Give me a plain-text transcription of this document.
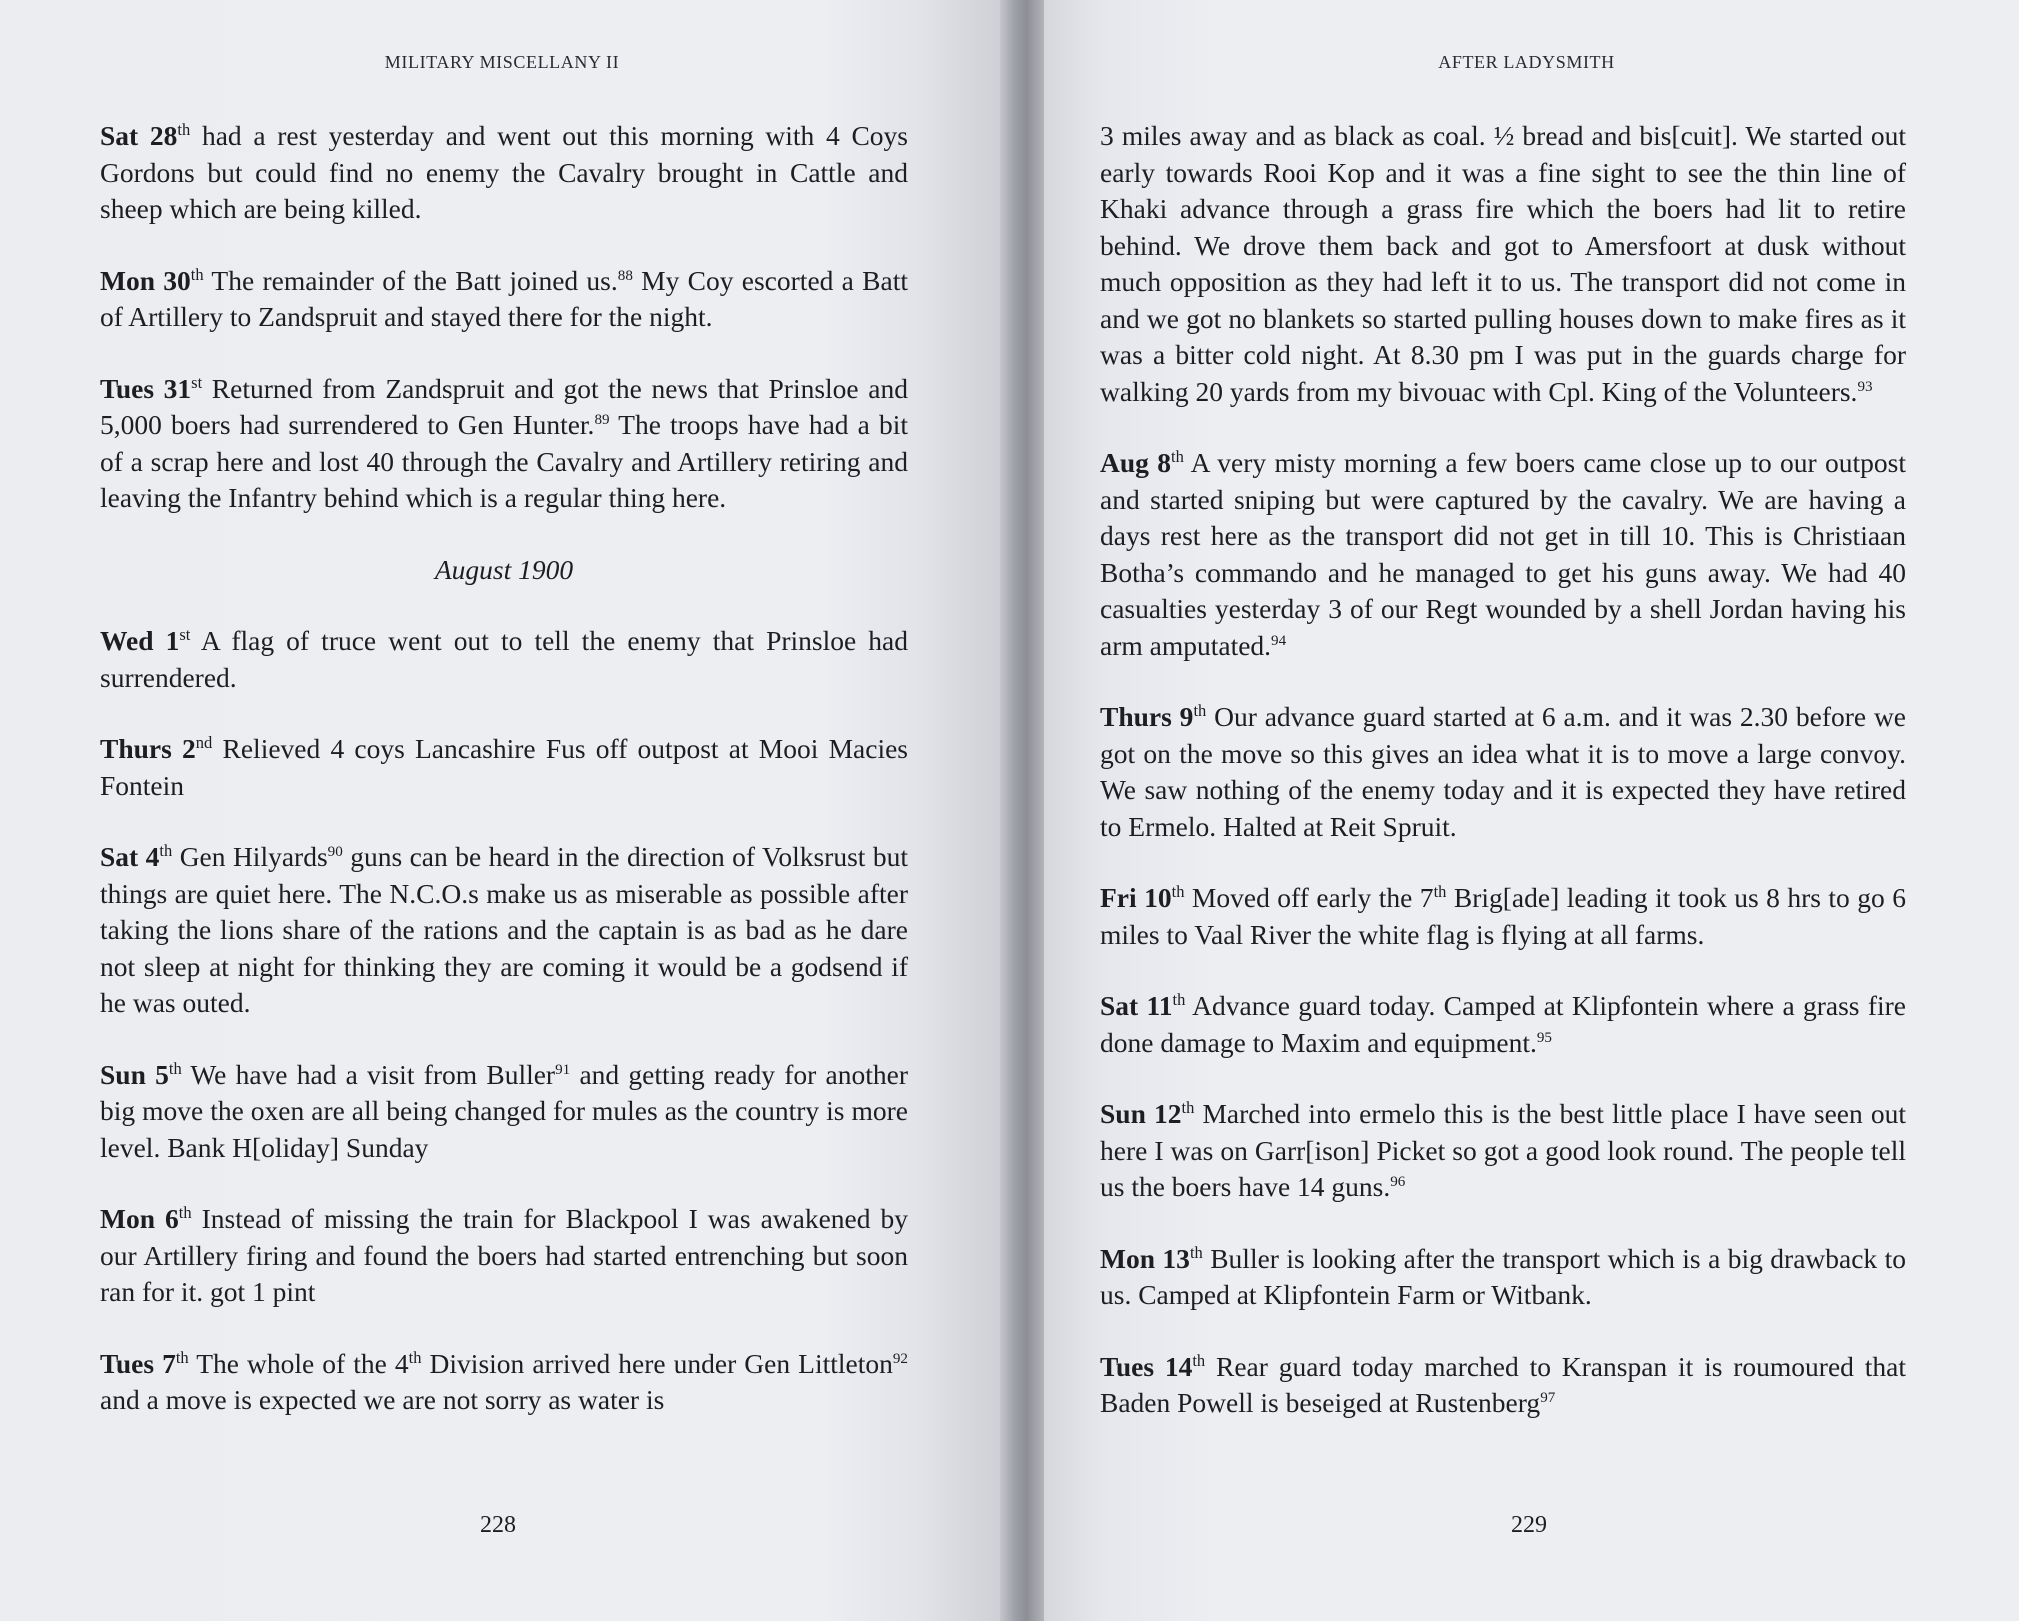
MILITARY MISCELLANY II

Sat 28th had a rest yesterday and went out this morning with 4 Coys Gordons but could find no enemy the Cavalry brought in Cattle and sheep which are being killed.

Mon 30th The remainder of the Batt joined us.$^{88}$ My Coy escorted a Batt of Artillery to Zandspruit and stayed there for the night.

Tues 31st Returned from Zandspruit and got the news that Prinsloe and 5,000 boers had surrendered to Gen Hunter.$^{89}$ The troops have had a bit of a scrap here and lost 40 through the Cavalry and Artillery retiring and leaving the Infantry behind which is a regular thing here.

August 1900

Wed 1st A flag of truce went out to tell the enemy that Prinsloe had surrendered.

Thurs 2nd Relieved 4 coys Lancashire Fus off outpost at Mooi Macies Fontein

Sat 4th Gen Hilyards$^{90}$ guns can be heard in the direction of Volksrust but things are quiet here. The N.C.O.s make us as miserable as possible after taking the lions share of the rations and the captain is as bad as he dare not sleep at night for thinking they are coming it would be a godsend if he was outed.

Sun 5th We have had a visit from Buller$^{91}$ and getting ready for another big move the oxen are all being changed for mules as the country is more level. Bank H[oliday] Sunday

Mon 6th Instead of missing the train for Blackpool I was awakened by our Artillery firing and found the boers had started entrenching but soon ran for it. got 1 pint

Tues 7th The whole of the 4th Division arrived here under Gen Littleton$^{92}$ and a move is expected we are not sorry as water is

228
AFTER LADYSMITH

3 miles away and as black as coal. ½ bread and bis[cuit]. We started out early towards Rooi Kop and it was a fine sight to see the thin line of Khaki advance through a grass fire which the boers had lit to retire behind. We drove them back and got to Amersfoort at dusk without much opposition as they had left it to us. The transport did not come in and we got no blankets so started pulling houses down to make fires as it was a bitter cold night. At 8.30 pm I was put in the guards charge for walking 20 yards from my bivouac with Cpl. King of the Volunteers.$^{93}$

Aug 8th A very misty morning a few boers came close up to our outpost and started sniping but were captured by the cavalry. We are having a days rest here as the transport did not get in till 10. This is Christiaan Botha’s commando and he managed to get his guns away. We had 40 casualties yesterday 3 of our Regt wounded by a shell Jordan having his arm amputated.$^{94}$

Thurs 9th Our advance guard started at 6 a.m. and it was 2.30 before we got on the move so this gives an idea what it is to move a large convoy. We saw nothing of the enemy today and it is expected they have retired to Ermelo. Halted at Reit Spruit.

Fri 10th Moved off early the 7th Brig[ade] leading it took us 8 hrs to go 6 miles to Vaal River the white flag is flying at all farms.

Sat 11th Advance guard today. Camped at Klipfontein where a grass fire done damage to Maxim and equipment.$^{95}$

Sun 12th Marched into ermelo this is the best little place I have seen out here I was on Garr[ison] Picket so got a good look round. The people tell us the boers have 14 guns.$^{96}$

Mon 13th Buller is looking after the transport which is a big drawback to us. Camped at Klipfontein Farm or Witbank.

Tues 14th Rear guard today marched to Kranspan it is roumoured that Baden Powell is beseiged at Rustenberg$^{97}$

229
